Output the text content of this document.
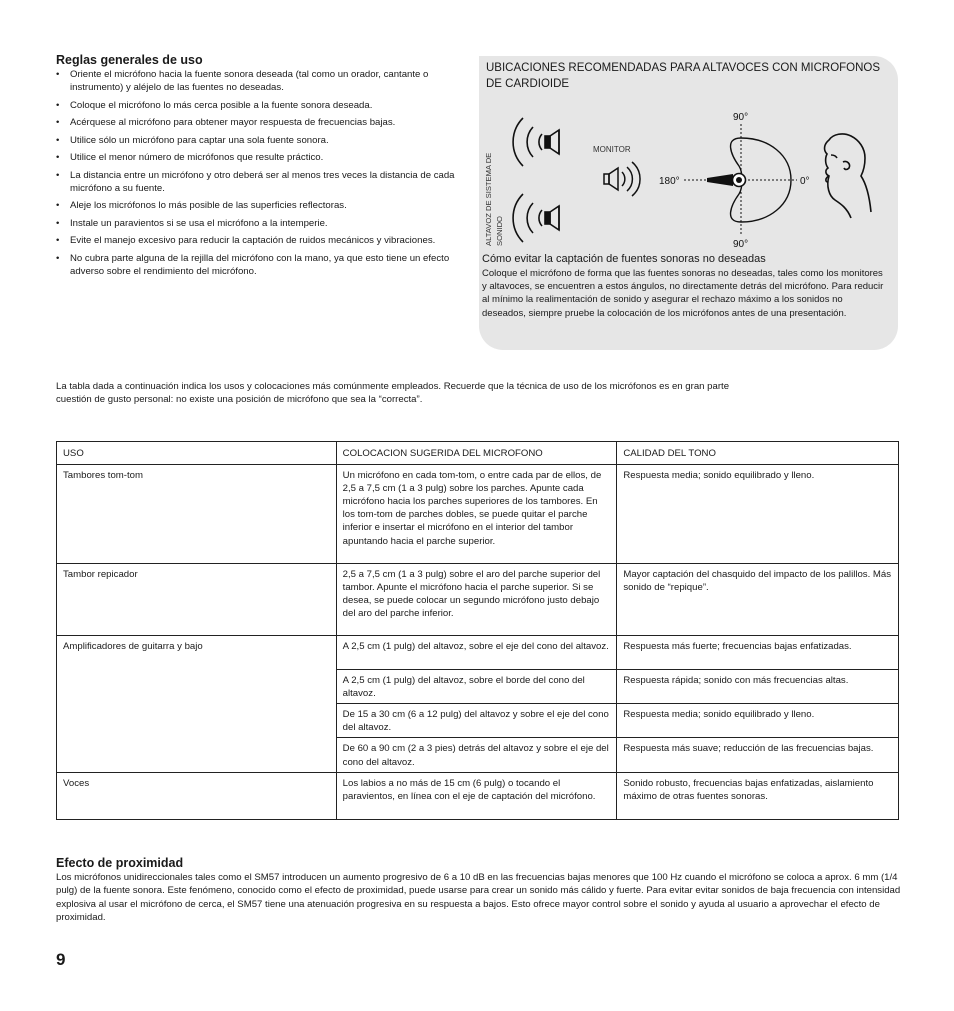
Reglas generales de uso
• Oriente el micrófono hacia la fuente sonora deseada (tal como un orador, cantante o instrumento) y aléjelo de las fuentes no deseadas.
• Coloque el micrófono lo más cerca posible a la fuente sonora deseada.
• Acérquese al micrófono para obtener mayor respuesta de frecuencias bajas.
• Utilice sólo un micrófono para captar una sola fuente sonora.
• Utilice el menor número de micrófonos que resulte práctico.
• La distancia entre un micrófono y otro deberá ser al menos tres veces la distancia de cada micrófono a su fuente.
• Aleje los micrófonos lo más posible de las superficies reflectoras.
• Instale un paravientos si se usa el micrófono a la intemperie.
• Evite el manejo excesivo para reducir la captación de ruidos mecánicos y vibraciones.
• No cubra parte alguna de la rejilla del micrófono con la mano, ya que esto tiene un efecto adverso sobre el rendimiento del micrófono.
UBICACIONES RECOMENDADAS PARA ALTAVOCES CON MICROFONOS DE CARDIOIDE
ALTAVOZ DE SISTEMA DE SONIDO
MONITOR
90°
90°
180°	0°
Cómo evitar la captación de fuentes sonoras no deseadas
Coloque el micrófono de forma que las fuentes sonoras no deseadas, tales como los monitores y altavoces, se encuentren a estos ángulos, no directamente detrás del micrófono. Para reducir al mínimo la realimentación de sonido y asegurar el rechazo máximo a los sonidos no deseados, siempre pruebe la colocación de los micrófonos antes de una presentación.
La tabla dada a continuación indica los usos y colocaciones más comúnmente empleados. Recuerde que la técnica de uso de los micrófonos es en gran parte cuestión de gusto personal: no existe una posición de micrófono que sea la “correcta”.
USO	COLOCACION SUGERIDA DEL MICROFONO	CALIDAD DEL TONO
Tambores tom-tom	Un micrófono en cada tom-tom, o entre cada par de ellos, de 2,5 a 7,5 cm (1 a 3 pulg) sobre los parches. Apunte cada micrófono hacia los parches superiores de los tambores. En los tom-tom de parches dobles, se puede quitar el parche inferior e insertar el micrófono en el interior del tambor apuntando hacia el parche superior.	Respuesta media; sonido equilibrado y lleno.
Tambor repicador	2,5 a 7,5 cm (1 a 3 pulg) sobre el aro del parche superior del tambor. Apunte el micrófono hacia el parche superior. Si se desea, se puede colocar un segundo micrófono justo debajo del aro del parche inferior.	Mayor captación del chasquido del impacto de los palillos. Más sonido de “repique”.
Amplificadores de guitarra y bajo	A 2,5 cm (1 pulg) del altavoz, sobre el eje del cono del altavoz.	Respuesta más fuerte; frecuencias bajas enfatizadas.
	A 2,5 cm (1 pulg) del altavoz, sobre el borde del cono del altavoz.	Respuesta rápida; sonido con más frecuencias altas.
	De 15 a 30 cm (6 a 12 pulg) del altavoz y sobre el eje del cono del altavoz.	Respuesta media; sonido equilibrado y lleno.
	De 60 a 90 cm (2 a 3 pies) detrás del altavoz y sobre el eje del cono del altavoz.	Respuesta más suave; reducción de las frecuencias bajas.
Voces	Los labios a no más de 15 cm (6 pulg) o tocando el paravientos, en línea con el eje de captación del micrófono.	Sonido robusto, frecuencias bajas enfatizadas, aislamiento máximo de otras fuentes sonoras.
Efecto de proximidad
Los micrófonos unidireccionales tales como el SM57 introducen un aumento progresivo de 6 a 10 dB en las frecuencias bajas menores que 100 Hz cuando el micrófono se coloca a aprox. 6 mm (1/4 pulg) de la fuente sonora. Este fenómeno, conocido como el efecto de proximidad, puede usarse para crear un sonido más cálido y fuerte. Para evitar evitar sonidos de baja frecuencia con intensidad explosiva al usar el micrófono de cerca, el SM57 tiene una atenuación progresiva en su respuesta a bajos. Esto ofrece mayor control sobre el sonido y ayuda al usuario a aprovechar el efecto de proximidad.
9
